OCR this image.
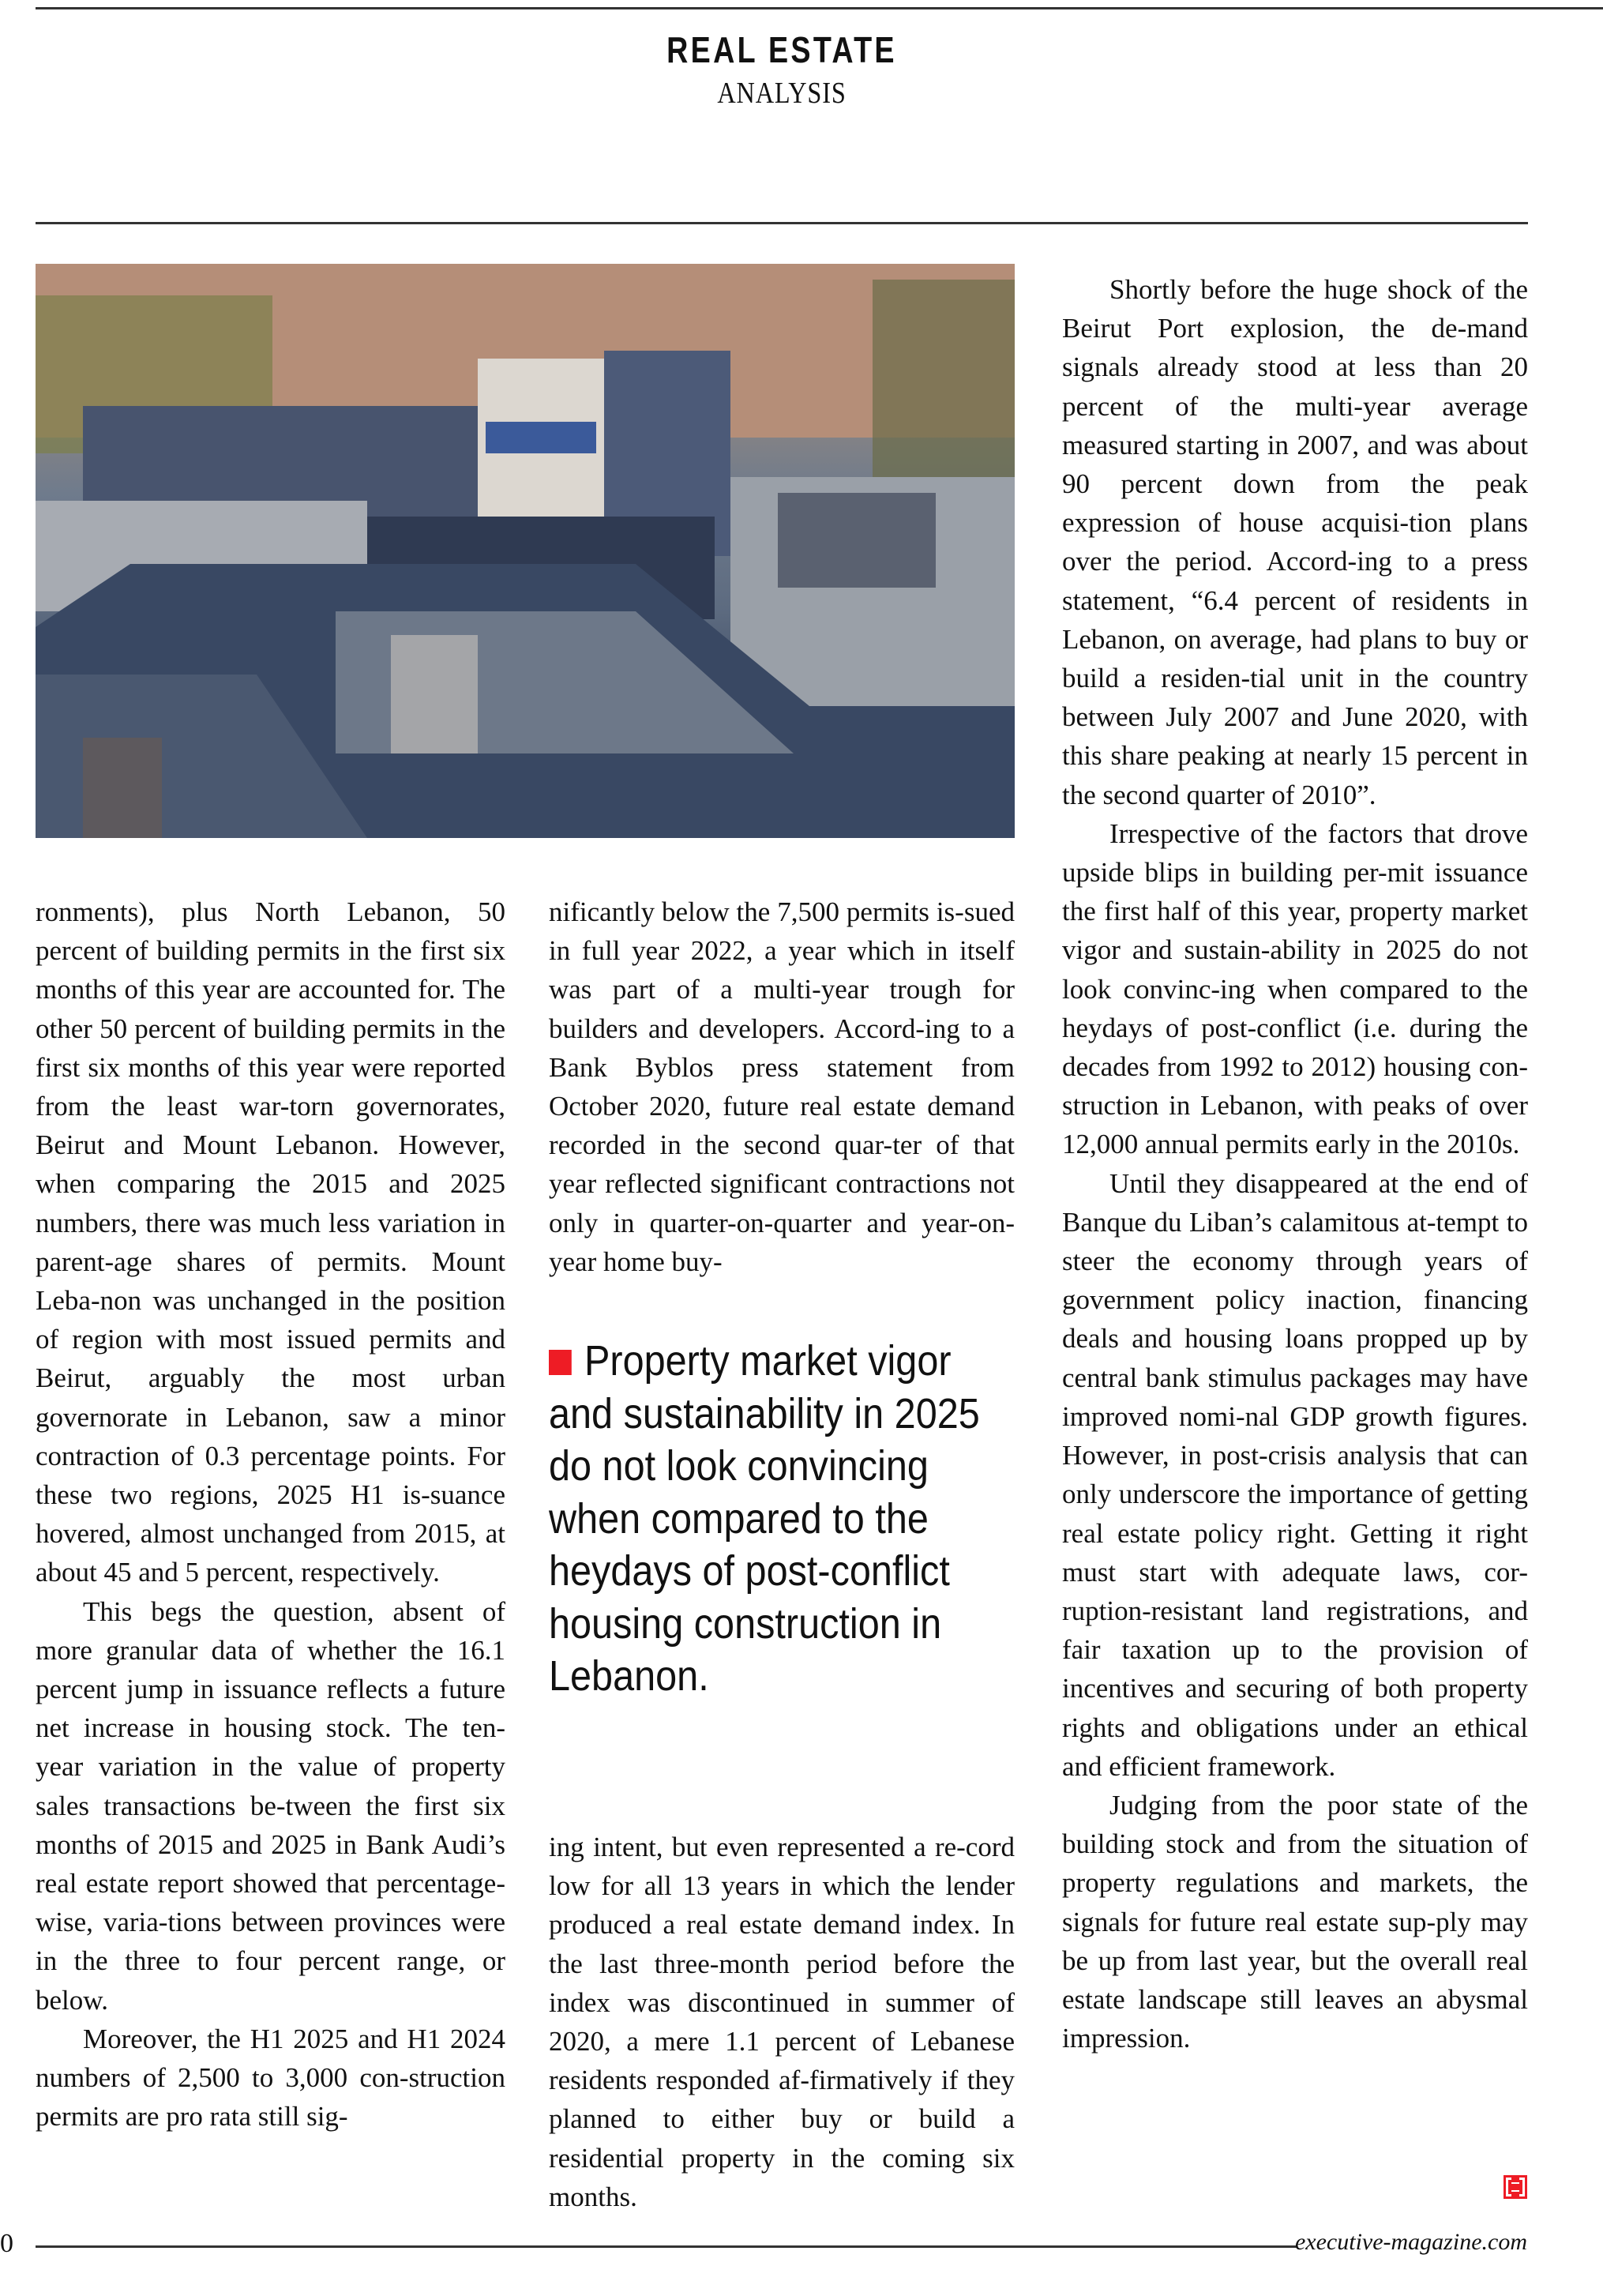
REAL ESTATE
ANALYSIS

ronments), plus North Lebanon, 50 percent of building permits in the first six months of this year are accounted for. The other 50 percent of building permits in the first six months of this year were reported from the least war-torn governorates, Beirut and Mount Lebanon. However, when comparing the 2015 and 2025 numbers, there was much less variation in parent-age shares of permits. Mount Leba-non was unchanged in the position of region with most issued permits and Beirut, arguably the most urban governorate in Lebanon, saw a minor contraction of 0.3 percentage points. For these two regions, 2025 H1 is-suance hovered, almost unchanged from 2015, at about 45 and 5 percent, respectively.

This begs the question, absent of more granular data of whether the 16.1 percent jump in issuance reflects a future net increase in housing stock. The ten-year variation in the value of property sales transactions be-tween the first six months of 2015 and 2025 in Bank Audi’s real estate report showed that percentage-wise, varia-tions between provinces were in the three to four percent range, or below.

Moreover, the H1 2025 and H1 2024 numbers of 2,500 to 3,000 con-struction permits are pro rata still sig-

nificantly below the 7,500 permits is-sued in full year 2022, a year which in itself was part of a multi-year trough for builders and developers. Accord-ing to a Bank Byblos press statement from October 2020, future real estate demand recorded in the second quar-ter of that year reflected significant contractions not only in quarter-on-quarter and year-on-year home buy-

Property market vigor and sustainability in 2025 do not look convincing when compared to the heydays of post-conflict housing construction in Lebanon.

ing intent, but even represented a re-cord low for all 13 years in which the lender produced a real estate demand index. In the last three-month period before the index was discontinued in summer of 2020, a mere 1.1 percent of Lebanese residents responded af-firmatively if they planned to either buy or build a residential property in the coming six months.

Shortly before the huge shock of the Beirut Port explosion, the de-mand signals already stood at less than 20 percent of the multi-year average measured starting in 2007, and was about 90 percent down from the peak expression of house acquisi-tion plans over the period. Accord-ing to a press statement, “6.4 percent of residents in Lebanon, on average, had plans to buy or build a residen-tial unit in the country between July 2007 and June 2020, with this share peaking at nearly 15 percent in the second quarter of 2010”.

Irrespective of the factors that drove upside blips in building per-mit issuance the first half of this year, property market vigor and sustain-ability in 2025 do not look convinc-ing when compared to the heydays of post-conflict (i.e. during the decades from 1992 to 2012) housing con-struction in Lebanon, with peaks of over 12,000 annual permits early in the 2010s.

Until they disappeared at the end of Banque du Liban’s calamitous at-tempt to steer the economy through years of government policy inaction, financing deals and housing loans propped up by central bank stimulus packages may have improved nomi-nal GDP growth figures. However, in post-crisis analysis that can only underscore the importance of getting real estate policy right. Getting it right must start with adequate laws, cor-ruption-resistant land registrations, and fair taxation up to the provision of incentives and securing of both property rights and obligations under an ethical and efficient framework.

Judging from the poor state of the building stock and from the situation of property regulations and markets, the signals for future real estate sup-ply may be up from last year, but the overall real estate landscape still leaves an abysmal impression.

0	executive-magazine.com
